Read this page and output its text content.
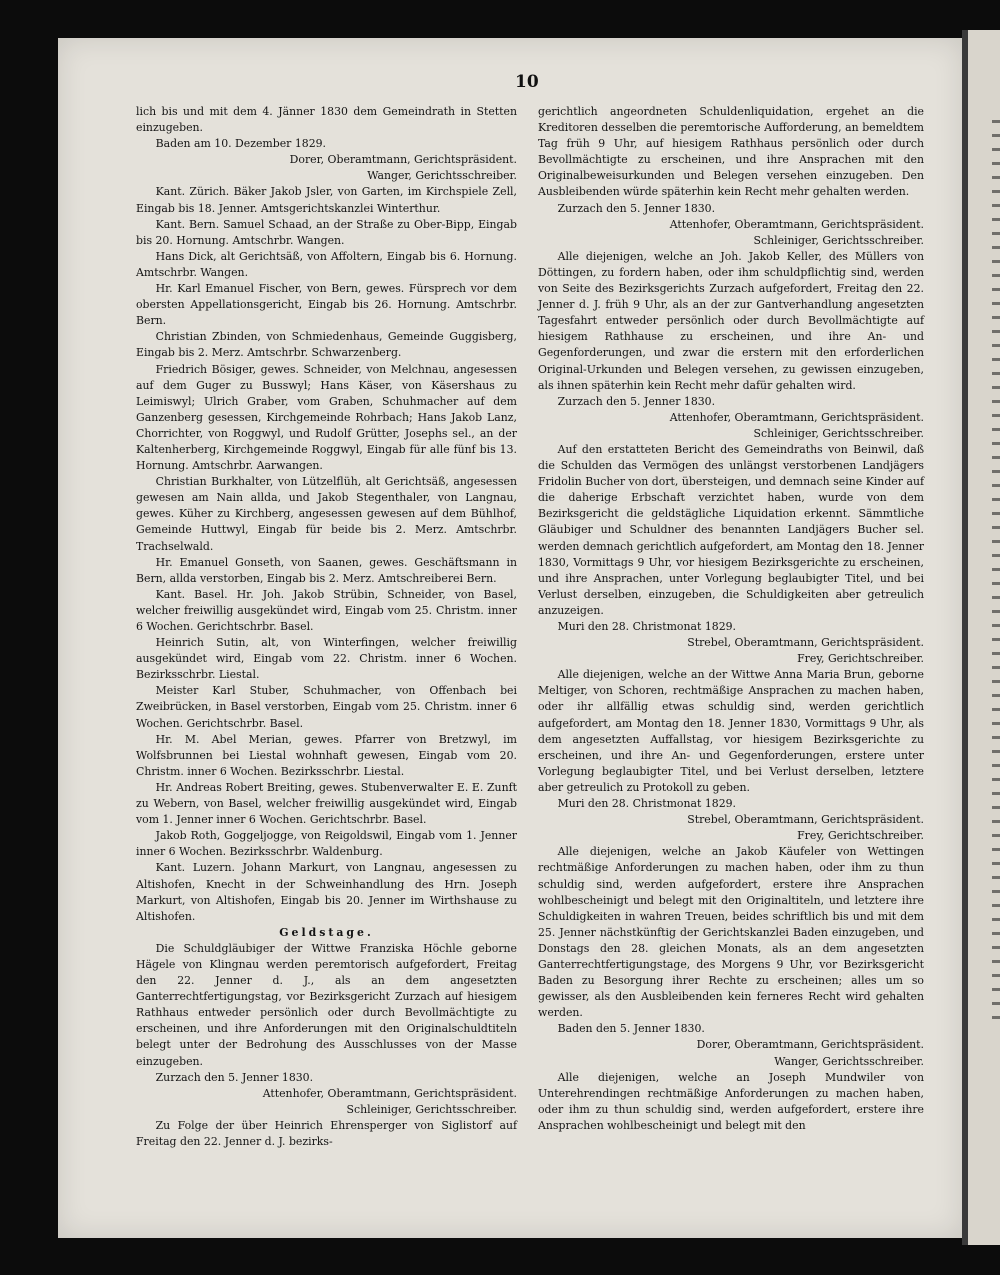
10

lich bis und mit dem 4. Jänner 1830 dem Gemeindrath in Stetten einzugeben.

Baden am 10. Dezember 1829.

Dorer, Oberamtmann, Gerichtspräsident.

Wanger, Gerichtsschreiber.

Kant. Zürich. Bäker Jakob Jsler, von Garten, im Kirchspiele Zell, Eingab bis 18. Jenner. Amtsgerichtskanzlei Winterthur.

Kant. Bern. Samuel Schaad, an der Straße zu Ober-Bipp, Eingab bis 20. Hornung. Amtschrbr. Wangen.

Hans Dick, alt Gerichtsäß, von Affoltern, Eingab bis 6. Hornung. Amtschrbr. Wangen.

Hr. Karl Emanuel Fischer, von Bern, gewes. Fürsprech vor dem obersten Appellationsgericht, Eingab bis 26. Hornung. Amtschrbr. Bern.

Christian Zbinden, von Schmiedenhaus, Gemeinde Guggisberg, Eingab bis 2. Merz. Amtschrbr. Schwarzenberg.

Friedrich Bösiger, gewes. Schneider, von Melchnau, angesessen auf dem Guger zu Busswyl; Hans Käser, von Käsershaus zu Leimiswyl; Ulrich Graber, vom Graben, Schuhmacher auf dem Ganzenberg gesessen, Kirchgemeinde Rohrbach; Hans Jakob Lanz, Chorrichter, von Roggwyl, und Rudolf Grütter, Josephs sel., an der Kaltenherberg, Kirchgemeinde Roggwyl, Eingab für alle fünf bis 13. Hornung. Amtschrbr. Aarwangen.

Christian Burkhalter, von Lützelflüh, alt Gerichtsäß, angesessen gewesen am Nain allda, und Jakob Stegenthaler, von Langnau, gewes. Küher zu Kirchberg, angesessen gewesen auf dem Bühlhof, Gemeinde Huttwyl, Eingab für beide bis 2. Merz. Amtschrbr. Trachselwald.

Hr. Emanuel Gonseth, von Saanen, gewes. Geschäftsmann in Bern, allda verstorben, Eingab bis 2. Merz. Amtschreiberei Bern.

Kant. Basel. Hr. Joh. Jakob Strübin, Schneider, von Basel, welcher freiwillig ausgekündet wird, Eingab vom 25. Christm. inner 6 Wochen. Gerichtschrbr. Basel.

Heinrich Sutin, alt, von Winterfingen, welcher freiwillig ausgekündet wird, Eingab vom 22. Christm. inner 6 Wochen. Bezirksschrbr. Liestal.

Meister Karl Stuber, Schuhmacher, von Offenbach bei Zweibrücken, in Basel verstorben, Eingab vom 25. Christm. inner 6 Wochen. Gerichtschrbr. Basel.

Hr. M. Abel Merian, gewes. Pfarrer von Bretzwyl, im Wolfsbrunnen bei Liestal wohnhaft gewesen, Eingab vom 20. Christm. inner 6 Wochen. Bezirksschrbr. Liestal.

Hr. Andreas Robert Breiting, gewes. Stubenverwalter E. E. Zunft zu Webern, von Basel, welcher freiwillig ausgekündet wird, Eingab vom 1. Jenner inner 6 Wochen. Gerichtschrbr. Basel.

Jakob Roth, Goggeljogge, von Reigoldswil, Eingab vom 1. Jenner inner 6 Wochen. Bezirksschrbr. Waldenburg.

Kant. Luzern. Johann Markurt, von Langnau, angesessen zu Altishofen, Knecht in der Schweinhandlung des Hrn. Joseph Markurt, von Altishofen, Eingab bis 20. Jenner im Wirthshause zu Altishofen.

Geldstage.

Die Schuldgläubiger der Wittwe Franziska Höchle geborne Hägele von Klingnau werden peremtorisch aufgefordert, Freitag den 22. Jenner d. J., als an dem angesetzten Ganterrechtfertigungstag, vor Bezirksgericht Zurzach auf hiesigem Rathhaus entweder persönlich oder durch Bevollmächtigte zu erscheinen, und ihre Anforderungen mit den Originalschuldtiteln belegt unter der Bedrohung des Ausschlusses von der Masse einzugeben.

Zurzach den 5. Jenner 1830.

Attenhofer, Oberamtmann, Gerichtspräsident.

Schleiniger, Gerichtsschreiber.

Zu Folge der über Heinrich Ehrensperger von Siglistorf auf Freitag den 22. Jenner d. J. bezirks-

gerichtlich angeordneten Schuldenliquidation, ergehet an die Kreditoren desselben die peremtorische Aufforderung, an bemeldtem Tag früh 9 Uhr, auf hiesigem Rathhaus persönlich oder durch Bevollmächtigte zu erscheinen, und ihre Ansprachen mit den Originalbeweisurkunden und Belegen versehen einzugeben. Den Ausbleibenden würde späterhin kein Recht mehr gehalten werden.

Zurzach den 5. Jenner 1830.

Attenhofer, Oberamtmann, Gerichtspräsident.

Schleiniger, Gerichtsschreiber.

Alle diejenigen, welche an Joh. Jakob Keller, des Müllers von Döttingen, zu fordern haben, oder ihm schuldpflichtig sind, werden von Seite des Bezirksgerichts Zurzach aufgefordert, Freitag den 22. Jenner d. J. früh 9 Uhr, als an der zur Gantverhandlung angesetzten Tagesfahrt entweder persönlich oder durch Bevollmächtigte auf hiesigem Rathhause zu erscheinen, und ihre An- und Gegenforderungen, und zwar die erstern mit den erforderlichen Original-Urkunden und Belegen versehen, zu gewissen einzugeben, als ihnen späterhin kein Recht mehr dafür gehalten wird.

Zurzach den 5. Jenner 1830.

Attenhofer, Oberamtmann, Gerichtspräsident.

Schleiniger, Gerichtsschreiber.

Auf den erstatteten Bericht des Gemeindraths von Beinwil, daß die Schulden das Vermögen des unlängst verstorbenen Landjägers Fridolin Bucher von dort, übersteigen, und demnach seine Kinder auf die daherige Erbschaft verzichtet haben, wurde von dem Bezirksgericht die geldstägliche Liquidation erkennt. Sämmtliche Gläubiger und Schuldner des benannten Landjägers Bucher sel. werden demnach gerichtlich aufgefordert, am Montag den 18. Jenner 1830, Vormittags 9 Uhr, vor hiesigem Bezirksgerichte zu erscheinen, und ihre Ansprachen, unter Vorlegung beglaubigter Titel, und bei Verlust derselben, einzugeben, die Schuldigkeiten aber getreulich anzuzeigen.

Muri den 28. Christmonat 1829.

Strebel, Oberamtmann, Gerichtspräsident.

Frey, Gerichtschreiber.

Alle diejenigen, welche an der Wittwe Anna Maria Brun, geborne Meltiger, von Schoren, rechtmäßige Ansprachen zu machen haben, oder ihr allfällig etwas schuldig sind, werden gerichtlich aufgefordert, am Montag den 18. Jenner 1830, Vormittags 9 Uhr, als dem angesetzten Auffallstag, vor hiesigem Bezirksgerichte zu erscheinen, und ihre An- und Gegenforderungen, erstere unter Vorlegung beglaubigter Titel, und bei Verlust derselben, letztere aber getreulich zu Protokoll zu geben.

Muri den 28. Christmonat 1829.

Strebel, Oberamtmann, Gerichtspräsident.

Frey, Gerichtschreiber.

Alle diejenigen, welche an Jakob Käufeler von Wettingen rechtmäßige Anforderungen zu machen haben, oder ihm zu thun schuldig sind, werden aufgefordert, erstere ihre Ansprachen wohlbescheinigt und belegt mit den Originaltiteln, und letztere ihre Schuldigkeiten in wahren Treuen, beides schriftlich bis und mit dem 25. Jenner nächstkünftig der Gerichtskanzlei Baden einzugeben, und Donstags den 28. gleichen Monats, als an dem angesetzten Ganterrechtfertigungstage, des Morgens 9 Uhr, vor Bezirksgericht Baden zu Besorgung ihrer Rechte zu erscheinen; alles um so gewisser, als den Ausbleibenden kein ferneres Recht wird gehalten werden.

Baden den 5. Jenner 1830.

Dorer, Oberamtmann, Gerichtspräsident.

Wanger, Gerichtsschreiber.

Alle diejenigen, welche an Joseph Mundwiler von Unterehrendingen rechtmäßige Anforderungen zu machen haben, oder ihm zu thun schuldig sind, werden aufgefordert, erstere ihre Ansprachen wohlbescheinigt und belegt mit den
